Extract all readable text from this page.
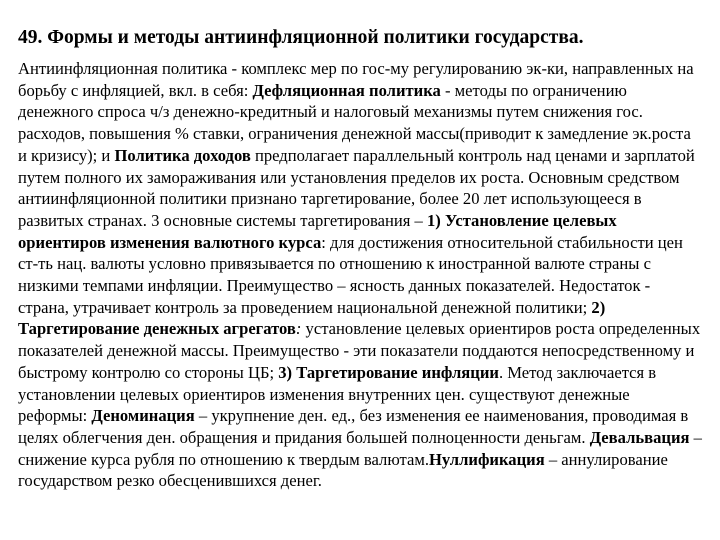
49. Формы и методы антиинфляционной политики государства.

Антиинфляционная политика - комплекс мер по гос-му регулированию эк-ки, направленных на борьбу с инфляцией, вкл. в себя: Дефляционная политика - методы по ограничению денежного спроса ч/з денежно-кредитный и налоговый механизмы путем снижения гос. расходов, повышения % ставки, ограничения денежной массы(приводит к замедление эк.роста и кризису); и Политика доходов предполагает параллельный контроль над ценами и зарплатой путем полного их замораживания или установления пределов их роста. Основным средством антиинфляционной политики признано таргетирование, более 20 лет использующееся в развитых странах. 3 основные системы таргетирования – 1) Установление целевых ориентиров изменения валютного курса: для достижения относительной стабильности цен ст-ть нац. валюты условно привязывается по отношению к иностранной валюте страны с низкими темпами инфляции. Преимущество – ясность данных показателей. Недостаток - страна, утрачивает контроль за проведением национальной денежной политики; 2) Таргетирование денежных агрегатов: установление целевых ориентиров роста определенных показателей денежной массы. Преимущество - эти показатели поддаются непосредственному и быстрому контролю со стороны ЦБ; 3) Таргетирование инфляции. Метод заключается в установлении целевых ориентиров изменения внутренних цен. существуют денежные реформы: Деноминация – укрупнение ден. ед., без изменения ее наименования, проводимая в целях облегчения ден. обращения и придания большей полноценности деньгам. Девальвация – снижение курса рубля по отношению к твердым валютам.Нуллификация – аннулирование государством резко обесценившихся денег.
